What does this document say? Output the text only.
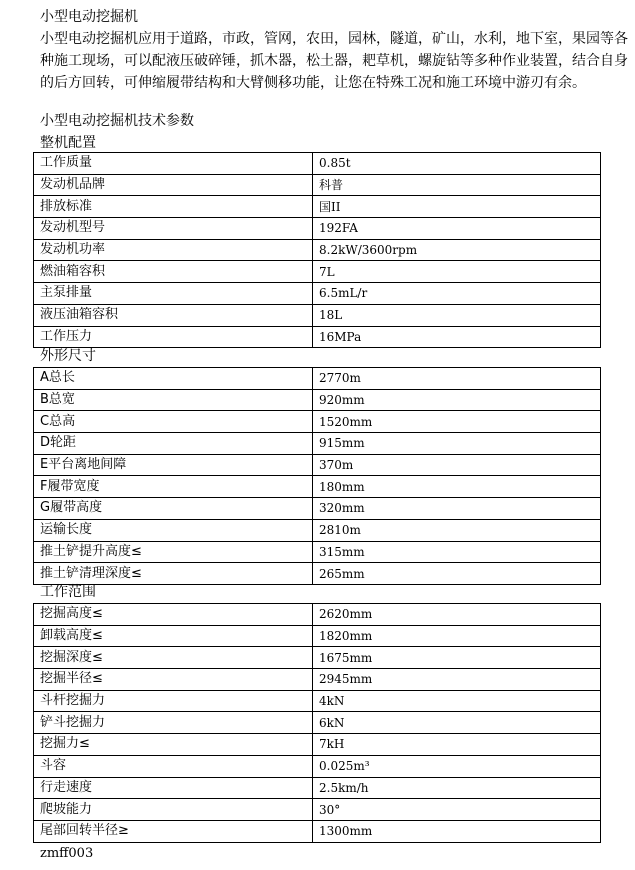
小型电动挖掘机
小型电动挖掘机应用于道路，市政，管网，农田，园林，隧道，矿山，水利，地下室，果园等各种施工现场，可以配液压破碎锤，抓木器，松土器，耙草机，螺旋钻等多种作业装置，结合自身的后方回转，可伸缩履带结构和大臂侧移功能，让您在特殊工况和施工环境中游刃有余。
小型电动挖掘机技术参数
整机配置
工作质量	0.85t
发动机品牌	科普
排放标准	国II
发动机型号	192FA
发动机功率	8.2kW/3600rpm
燃油箱容积	7L
主泵排量	6.5mL/r
液压油箱容积	18L
工作压力	16MPa
外形尺寸
A总长	2770m
B总宽	920mm
C总高	1520mm
D轮距	915mm
E平台离地间障	370m
F履带宽度	180mm
G履带高度	320mm
运输长度	2810m
推土铲提升高度≤	315mm
推土铲清理深度≤	265mm
工作范围
挖掘高度≤	2620mm
卸载高度≤	1820mm
挖掘深度≤	1675mm
挖掘半径≤	2945mm
斗杆挖掘力	4kN
铲斗挖掘力	6kN
挖掘力≤	7kH
斗容	0.025m³
行走速度	2.5km/h
爬坡能力	30°
尾部回转半径≥	1300mm
zmff003
